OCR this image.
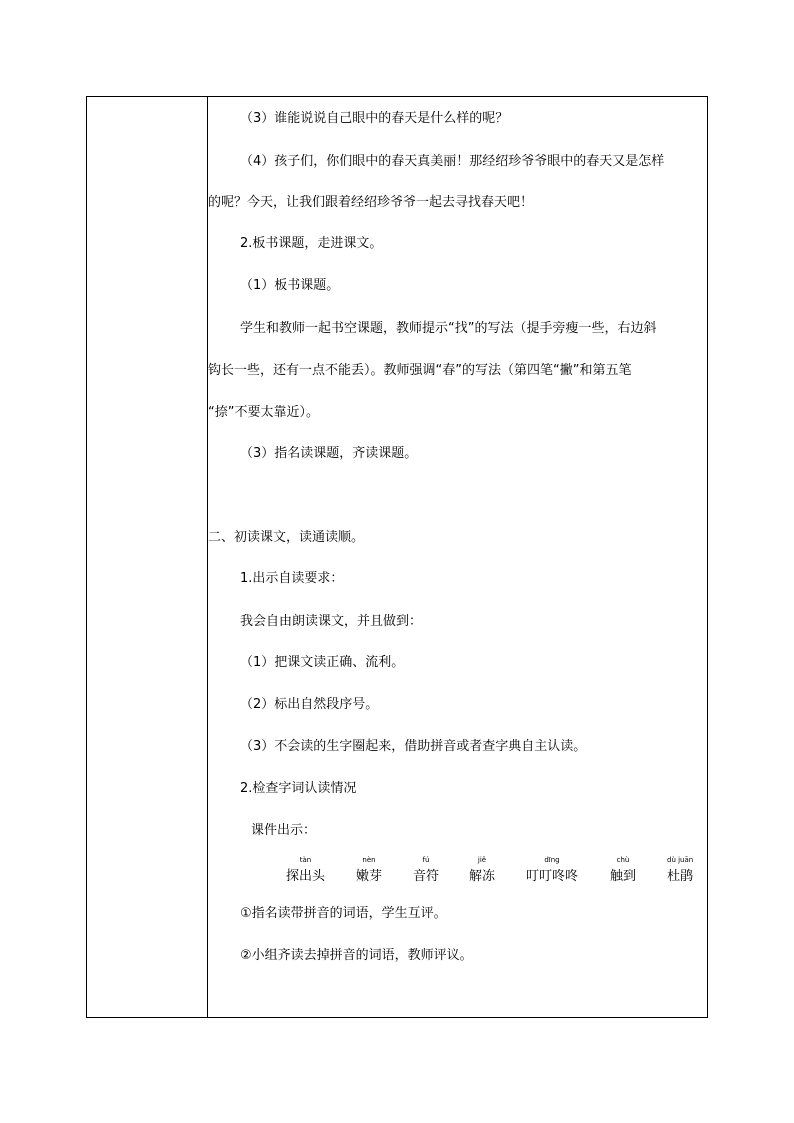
（3）谁能说说自己眼中的春天是什么样的呢？
（4）孩子们，你们眼中的春天真美丽！那经绍珍爷爷眼中的春天又是怎样
的呢？今天，让我们跟着经绍珍爷爷一起去寻找春天吧！
2.板书课题，走进课文。
（1）板书课题。
学生和教师一起书空课题，教师提示“找”的写法（提手旁瘦一些，右边斜
钩长一些，还有一点不能丢）。教师强调“春”的写法（第四笔“撇”和第五笔
“捺”不要太靠近）。
（3）指名读课题，齐读课题。
二、初读课文，读通读顺。
1.出示自读要求：
我会自由朗读课文，并且做到：
（1）把课文读正确、流利。
（2）标出自然段序号。
（3）不会读的生字圈起来，借助拼音或者查字典自主认读。
2.检查字词认读情况
课件出示：
tàn
探出头
nèn
嫩芽
fú
音符
jiě
解冻
dīng
叮叮咚咚
chù
触到
dù juān
杜鹃
①指名读带拼音的词语，学生互评。
②小组齐读去掉拼音的词语，教师评议。
